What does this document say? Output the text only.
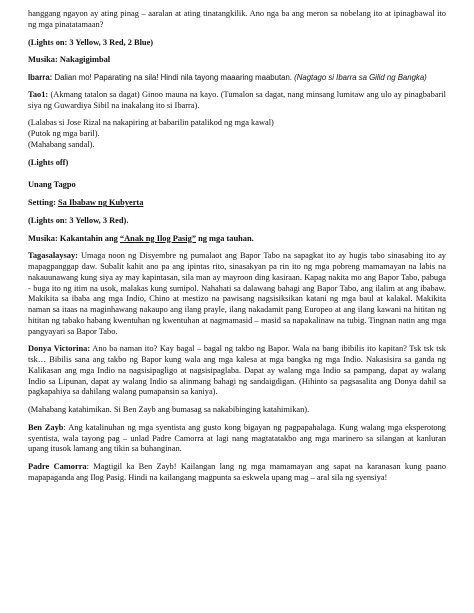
hanggang ngayon ay ating pinag – aaralan at ating tinatangkilik. Ano nga ba ang meron sa nobelang ito at ipinagbawal ito ng mga pinatatamaan?

(Lights on: 3 Yellow, 3 Red, 2 Blue)

Musika: Nakagigimbal

Ibarra: Dalian mo! Paparating na sila! Hindi nila tayong maaaring maabutan. (Nagtago si Ibarra sa Gilid ng Bangka)

Tao1: (Akmang tatalon sa dagat) Ginoo mauna na kayo. (Tumalon sa dagat, nang minsang lumitaw ang ulo ay pinagbabaril siya ng Guwardiya Sibil na inakalang ito si Ibarra).

(Lalabas si Jose Rizal na nakapiring at babarilin patalikod ng mga kawal)
(Putok ng mga baril).
(Mahabang sandal).

(Lights off)

Unang Tagpo

Setting: Sa Ibabaw ng Kubyerta

(Lights on: 3 Yellow, 3 Red).

Musika: Kakantahin ang “Anak ng Ilog Pasig” ng mga tauhan.

Tagasalaysay: Umaga noon ng Disyembre ng pumalaot ang Bapor Tabo na sapagkat ito ay hugis tabo sinasabing ito ay mapagpanggap daw. Subalit kahit ano pa ang ipintas rito, sinasakyan pa rin ito ng mga pobreng mamamayan na labis na nakauunawang kung siya ay may kapintasan, sila man ay mayroon ding kasiraan. Kapag nakita mo ang Bapor Tabo, pabuga - buga ito ng itim na usok, malakas kung sumipol. Nahahati sa dalawang bahagi ang Bapor Tabo, ang ilalim at ang ibabaw. Makikita sa ibaba ang mga Indio, Chino at mestizo na pawisang nagsisiksikan katani ng mga baul at kalakal. Makikita naman sa itaas na maginhawang nakaupo ang ilang prayle, ilang nakadamit pang Europeo at ang ilang kawani na hititan ng hititan ng tabako habang kwentuhan ng kwentuhan at nagmamasid – masid sa napakalinaw na tubig. Tingnan natin ang mga pangyayari sa Bapor Tabo.

Donya Victorina: Ano ba naman ito? Kay bagal – bagal ng takbo ng Bapor. Wala na bang ibibilis ito kapitan? Tsk tsk tsk tsk… Bibilis sana ang takbo ng Bapor kung wala ang mga kalesa at mga bangka ng mga Indio. Nakasisira sa ganda ng Kalikasan ang mga Indio na nagsisipagligo at nagsisipaglaba. Dapat ay walang mga Indio sa pampang, dapat ay walang Indio sa Lipunan, dapat ay walang Indio sa alinmang bahagi ng sandaigdigan. (Hihinto sa pagsasalita ang Donya dahil sa pagkapahiya sa dahilang walang pumapansin sa kaniya).

(Mahabang katahimikan. Si Ben Zayb ang bumasag sa nakabibinging katahimikan).

Ben Zayb: Ang katalinuhan ng mga syentista ang gusto kong bigayan ng pagpapahalaga. Kung walang mga eksperotong syentista, wala tayong pag – unlad Padre Camorra at lagi nang magtatatakbo ang mga marinero sa silangan at kanluran upang itusok lamang ang tikin sa buhanginan.

Padre Camorra: Magtigil ka Ben Zayb! Kailangan lang ng mga mamamayan ang sapat na karanasan kung paano mapapaganda ang Ilog Pasig. Hindi na kailangang magpunta sa eskwela upang mag – aral sila ng syensiya!
